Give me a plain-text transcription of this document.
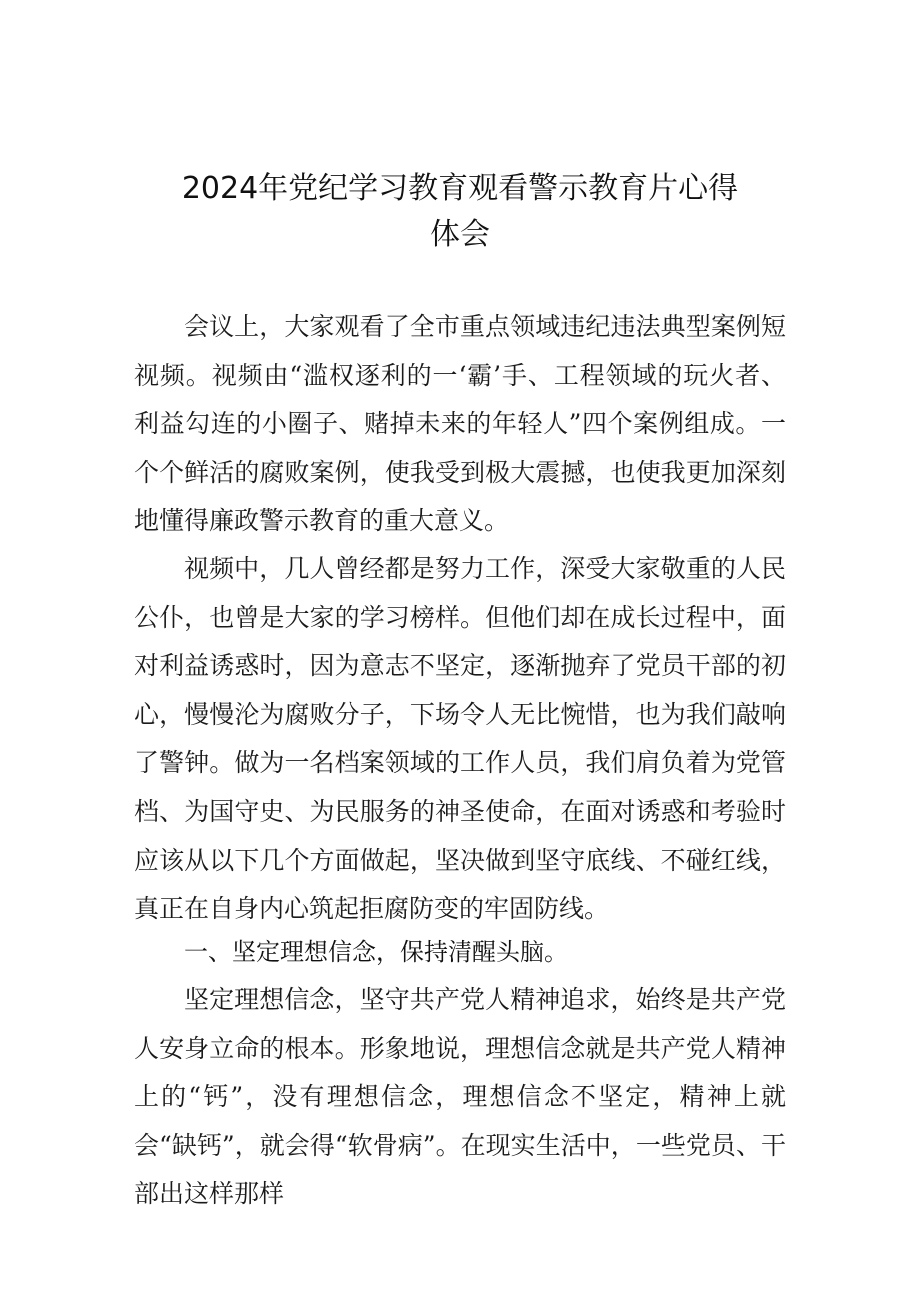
2024年党纪学习教育观看警示教育片心得
体会

会议上，大家观看了全市重点领域违纪违法典型案例短视频。视频由“滥权逐利的一‘霸’手、工程领域的玩火者、利益勾连的小圈子、赌掉未来的年轻人”四个案例组成。一个个鲜活的腐败案例，使我受到极大震撼，也使我更加深刻地懂得廉政警示教育的重大意义。

视频中，几人曾经都是努力工作，深受大家敬重的人民公仆，也曾是大家的学习榜样。但他们却在成长过程中，面对利益诱惑时，因为意志不坚定，逐渐抛弃了党员干部的初心，慢慢沦为腐败分子，下场令人无比惋惜，也为我们敲响了警钟。做为一名档案领域的工作人员，我们肩负着为党管档、为国守史、为民服务的神圣使命，在面对诱惑和考验时应该从以下几个方面做起，坚决做到坚守底线、不碰红线，真正在自身内心筑起拒腐防变的牢固防线。

一、坚定理想信念，保持清醒头脑。

坚定理想信念，坚守共产党人精神追求，始终是共产党人安身立命的根本。形象地说，理想信念就是共产党人精神上的“钙”，没有理想信念，理想信念不坚定，精神上就会“缺钙”，就会得“软骨病”。在现实生活中，一些党员、干部出这样那样
